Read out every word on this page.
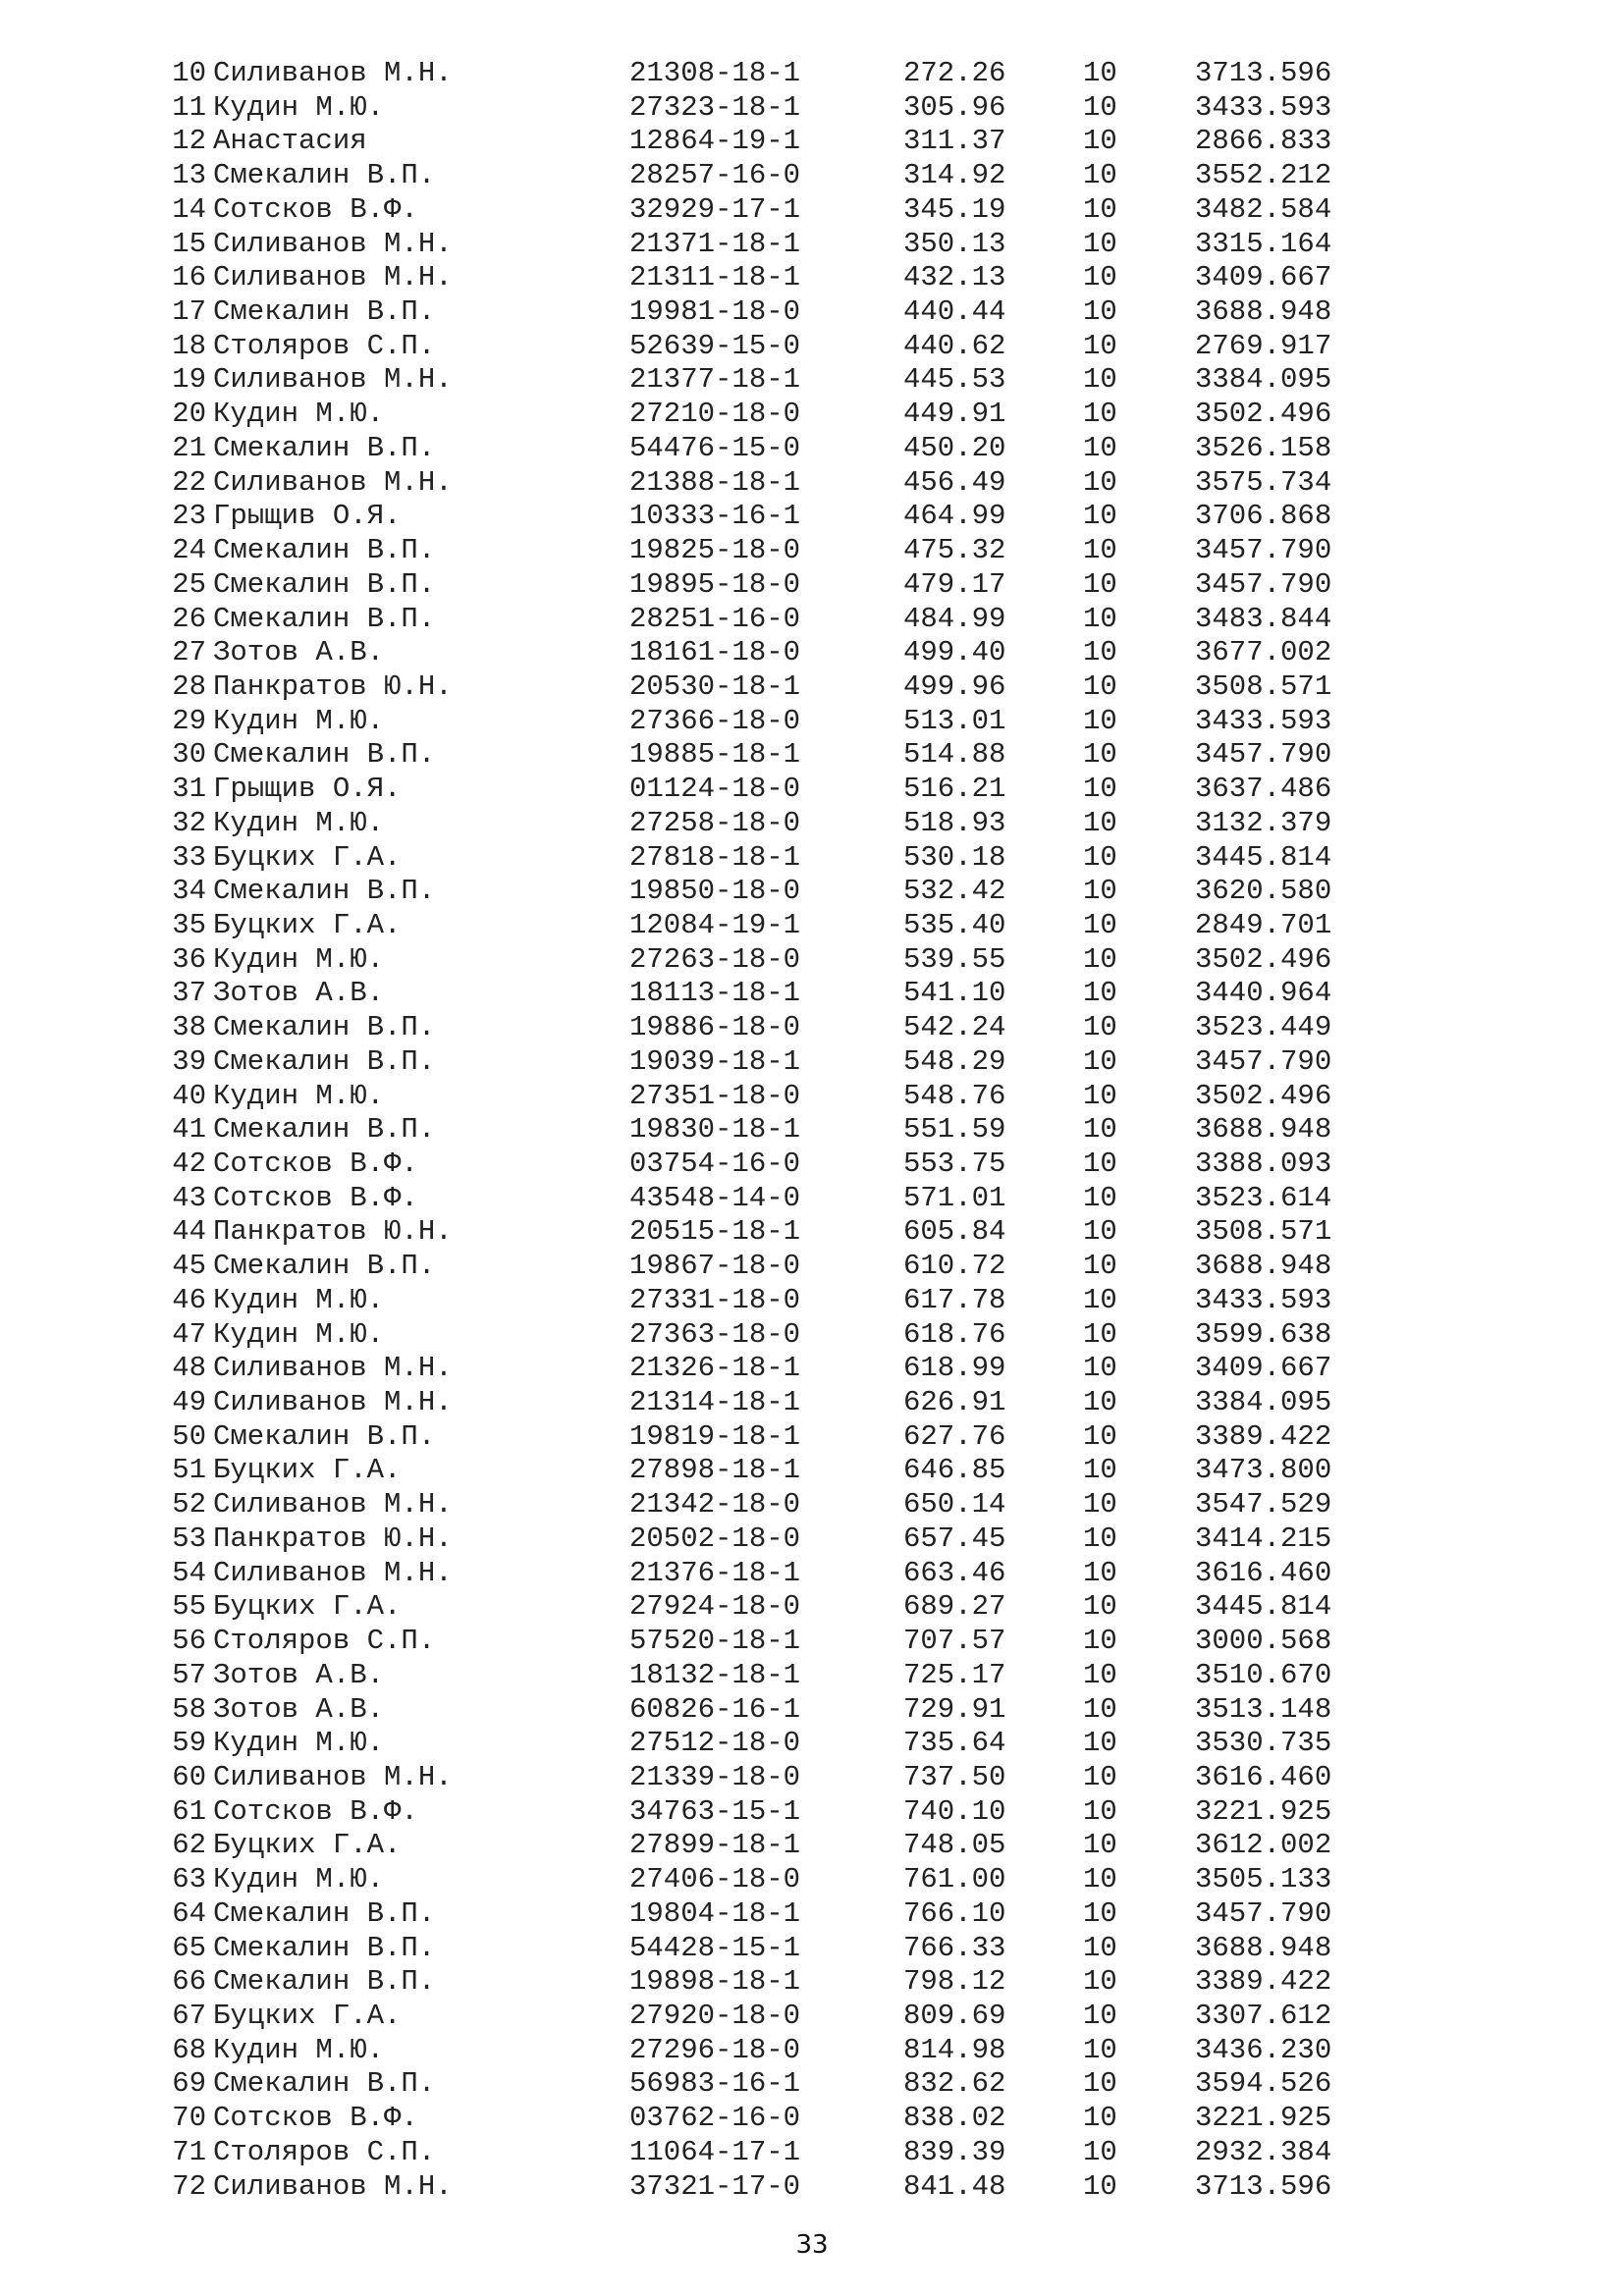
10 Силиванов М.Н.	21308-18-1	272.26	10	3713.596
11 Кудин М.Ю.	27323-18-1	305.96	10	3433.593
12 Анастасия	12864-19-1	311.37	10	2866.833
13 Смекалин В.П.	28257-16-0	314.92	10	3552.212
14 Сотсков В.Ф.	32929-17-1	345.19	10	3482.584
15 Силиванов М.Н.	21371-18-1	350.13	10	3315.164
16 Силиванов М.Н.	21311-18-1	432.13	10	3409.667
17 Смекалин В.П.	19981-18-0	440.44	10	3688.948
18 Столяров С.П.	52639-15-0	440.62	10	2769.917
19 Силиванов М.Н.	21377-18-1	445.53	10	3384.095
20 Кудин М.Ю.	27210-18-0	449.91	10	3502.496
21 Смекалин В.П.	54476-15-0	450.20	10	3526.158
22 Силиванов М.Н.	21388-18-1	456.49	10	3575.734
23 Грыщив О.Я.	10333-16-1	464.99	10	3706.868
24 Смекалин В.П.	19825-18-0	475.32	10	3457.790
25 Смекалин В.П.	19895-18-0	479.17	10	3457.790
26 Смекалин В.П.	28251-16-0	484.99	10	3483.844
27 Зотов А.В.	18161-18-0	499.40	10	3677.002
28 Панкратов Ю.Н.	20530-18-1	499.96	10	3508.571
29 Кудин М.Ю.	27366-18-0	513.01	10	3433.593
30 Смекалин В.П.	19885-18-1	514.88	10	3457.790
31 Грыщив О.Я.	01124-18-0	516.21	10	3637.486
32 Кудин М.Ю.	27258-18-0	518.93	10	3132.379
33 Буцких Г.А.	27818-18-1	530.18	10	3445.814
34 Смекалин В.П.	19850-18-0	532.42	10	3620.580
35 Буцких Г.А.	12084-19-1	535.40	10	2849.701
36 Кудин М.Ю.	27263-18-0	539.55	10	3502.496
37 Зотов А.В.	18113-18-1	541.10	10	3440.964
38 Смекалин В.П.	19886-18-0	542.24	10	3523.449
39 Смекалин В.П.	19039-18-1	548.29	10	3457.790
40 Кудин М.Ю.	27351-18-0	548.76	10	3502.496
41 Смекалин В.П.	19830-18-1	551.59	10	3688.948
42 Сотсков В.Ф.	03754-16-0	553.75	10	3388.093
43 Сотсков В.Ф.	43548-14-0	571.01	10	3523.614
44 Панкратов Ю.Н.	20515-18-1	605.84	10	3508.571
45 Смекалин В.П.	19867-18-0	610.72	10	3688.948
46 Кудин М.Ю.	27331-18-0	617.78	10	3433.593
47 Кудин М.Ю.	27363-18-0	618.76	10	3599.638
48 Силиванов М.Н.	21326-18-1	618.99	10	3409.667
49 Силиванов М.Н.	21314-18-1	626.91	10	3384.095
50 Смекалин В.П.	19819-18-1	627.76	10	3389.422
51 Буцких Г.А.	27898-18-1	646.85	10	3473.800
52 Силиванов М.Н.	21342-18-0	650.14	10	3547.529
53 Панкратов Ю.Н.	20502-18-0	657.45	10	3414.215
54 Силиванов М.Н.	21376-18-1	663.46	10	3616.460
55 Буцких Г.А.	27924-18-0	689.27	10	3445.814
56 Столяров С.П.	57520-18-1	707.57	10	3000.568
57 Зотов А.В.	18132-18-1	725.17	10	3510.670
58 Зотов А.В.	60826-16-1	729.91	10	3513.148
59 Кудин М.Ю.	27512-18-0	735.64	10	3530.735
60 Силиванов М.Н.	21339-18-0	737.50	10	3616.460
61 Сотсков В.Ф.	34763-15-1	740.10	10	3221.925
62 Буцких Г.А.	27899-18-1	748.05	10	3612.002
63 Кудин М.Ю.	27406-18-0	761.00	10	3505.133
64 Смекалин В.П.	19804-18-1	766.10	10	3457.790
65 Смекалин В.П.	54428-15-1	766.33	10	3688.948
66 Смекалин В.П.	19898-18-1	798.12	10	3389.422
67 Буцких Г.А.	27920-18-0	809.69	10	3307.612
68 Кудин М.Ю.	27296-18-0	814.98	10	3436.230
69 Смекалин В.П.	56983-16-1	832.62	10	3594.526
70 Сотсков В.Ф.	03762-16-0	838.02	10	3221.925
71 Столяров С.П.	11064-17-1	839.39	10	2932.384
72 Силиванов М.Н.	37321-17-0	841.48	10	3713.596
33
